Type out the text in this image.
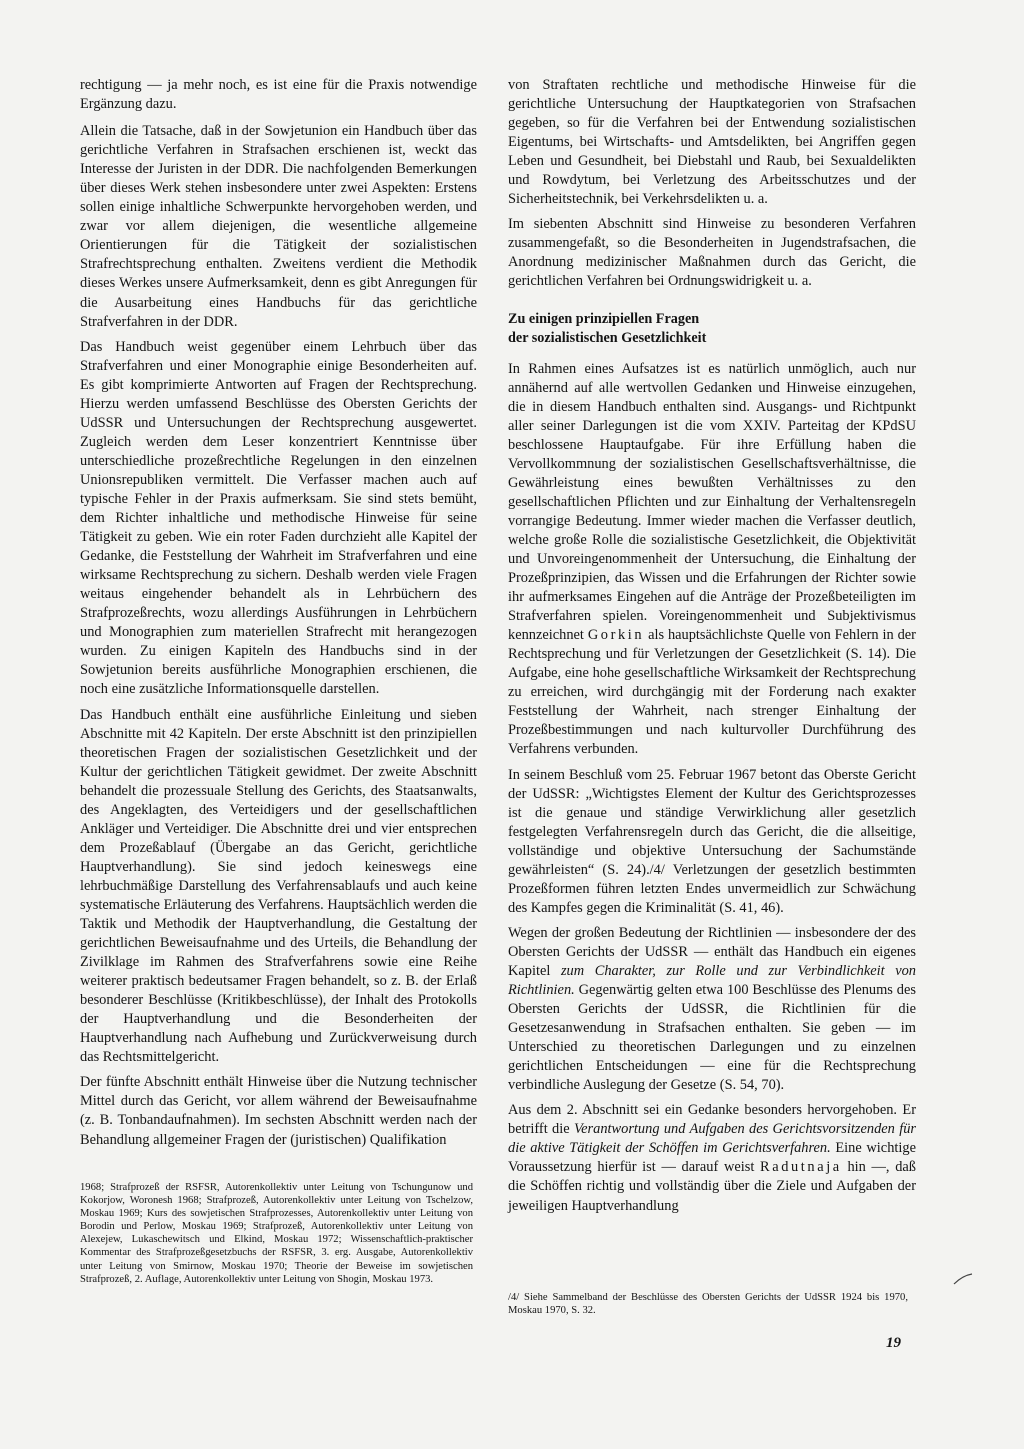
rechtigung — ja mehr noch, es ist eine für die Praxis notwendige Ergänzung dazu.

Allein die Tatsache, daß in der Sowjetunion ein Handbuch über das gerichtliche Verfahren in Strafsachen erschienen ist, weckt das Interesse der Juristen in der DDR. Die nachfolgenden Bemerkungen über dieses Werk stehen insbesondere unter zwei Aspekten: Erstens sollen einige inhaltliche Schwerpunkte hervorgehoben werden, und zwar vor allem diejenigen, die wesentliche allgemeine Orientierungen für die Tätigkeit der sozialistischen Strafrechtsprechung enthalten. Zweitens verdient die Methodik dieses Werkes unsere Aufmerksamkeit, denn es gibt Anregungen für die Ausarbeitung eines Handbuchs für das gerichtliche Strafverfahren in der DDR.

Das Handbuch weist gegenüber einem Lehrbuch über das Strafverfahren und einer Monographie einige Besonderheiten auf. Es gibt komprimierte Antworten auf Fragen der Rechtsprechung. Hierzu werden umfassend Beschlüsse des Obersten Gerichts der UdSSR und Untersuchungen der Rechtsprechung ausgewertet. Zugleich werden dem Leser konzentriert Kenntnisse über unterschiedliche prozeßrechtliche Regelungen in den einzelnen Unionsrepubliken vermittelt. Die Verfasser machen auch auf typische Fehler in der Praxis aufmerksam. Sie sind stets bemüht, dem Richter inhaltliche und methodische Hinweise für seine Tätigkeit zu geben. Wie ein roter Faden durchzieht alle Kapitel der Gedanke, die Feststellung der Wahrheit im Strafverfahren und eine wirksame Rechtsprechung zu sichern. Deshalb werden viele Fragen weitaus eingehender behandelt als in Lehrbüchern des Strafprozeßrechts, wozu allerdings Ausführungen in Lehrbüchern und Monographien zum materiellen Strafrecht mit herangezogen wurden. Zu einigen Kapiteln des Handbuchs sind in der Sowjetunion bereits ausführliche Monographien erschienen, die noch eine zusätzliche Informationsquelle darstellen.

Das Handbuch enthält eine ausführliche Einleitung und sieben Abschnitte mit 42 Kapiteln. Der erste Abschnitt ist den prinzipiellen theoretischen Fragen der sozialistischen Gesetzlichkeit und der Kultur der gerichtlichen Tätigkeit gewidmet. Der zweite Abschnitt behandelt die prozessuale Stellung des Gerichts, des Staatsanwalts, des Angeklagten, des Verteidigers und der gesellschaftlichen Ankläger und Verteidiger. Die Abschnitte drei und vier entsprechen dem Prozeßablauf (Übergabe an das Gericht, gerichtliche Hauptverhandlung). Sie sind jedoch keineswegs eine lehrbuchmäßige Darstellung des Verfahrensablaufs und auch keine systematische Erläuterung des Verfahrens. Hauptsächlich werden die Taktik und Methodik der Hauptverhandlung, die Gestaltung der gerichtlichen Beweisaufnahme und des Urteils, die Behandlung der Zivilklage im Rahmen des Strafverfahrens sowie eine Reihe weiterer praktisch bedeutsamer Fragen behandelt, so z. B. der Erlaß besonderer Beschlüsse (Kritikbeschlüsse), der Inhalt des Protokolls der Hauptverhandlung und die Besonderheiten der Hauptverhandlung nach Aufhebung und Zurückverweisung durch das Rechtsmittelgericht.

Der fünfte Abschnitt enthält Hinweise über die Nutzung technischer Mittel durch das Gericht, vor allem während der Beweisaufnahme (z. B. Tonbandaufnahmen). Im sechsten Abschnitt werden nach der Behandlung allgemeiner Fragen der (juristischen) Qualifikation

1968; Strafprozeß der RSFSR, Autorenkollektiv unter Leitung von Tschungunow und Kokorjow, Woronesh 1968; Strafprozeß, Autorenkollektiv unter Leitung von Tschelzow, Moskau 1969; Kurs des sowjetischen Strafprozesses, Autorenkollektiv unter Leitung von Borodin und Perlow, Moskau 1969; Strafprozeß, Autorenkollektiv unter Leitung von Alexejew, Lukaschewitsch und Elkind, Moskau 1972; Wissenschaftlich-praktischer Kommentar des Strafprozeßgesetzbuchs der RSFSR, 3. erg. Ausgabe, Autorenkollektiv unter Leitung von Smirnow, Moskau 1970; Theorie der Beweise im sowjetischen Strafprozeß, 2. Auflage, Autorenkollektiv unter Leitung von Shogin, Moskau 1973.

von Straftaten rechtliche und methodische Hinweise für die gerichtliche Untersuchung der Hauptkategorien von Strafsachen gegeben, so für die Verfahren bei der Entwendung sozialistischen Eigentums, bei Wirtschafts- und Amtsdelikten, bei Angriffen gegen Leben und Gesundheit, bei Diebstahl und Raub, bei Sexualdelikten und Rowdytum, bei Verletzung des Arbeitsschutzes und der Sicherheitstechnik, bei Verkehrsdelikten u. a.

Im siebenten Abschnitt sind Hinweise zu besonderen Verfahren zusammengefaßt, so die Besonderheiten in Jugendstrafsachen, die Anordnung medizinischer Maßnahmen durch das Gericht, die gerichtlichen Verfahren bei Ordnungswidrigkeit u. a.

Zu einigen prinzipiellen Fragen
der sozialistischen Gesetzlichkeit

In Rahmen eines Aufsatzes ist es natürlich unmöglich, auch nur annähernd auf alle wertvollen Gedanken und Hinweise einzugehen, die in diesem Handbuch enthalten sind. Ausgangs- und Richtpunkt aller seiner Darlegungen ist die vom XXIV. Parteitag der KPdSU beschlossene Hauptaufgabe. Für ihre Erfüllung haben die Vervollkommnung der sozialistischen Gesellschaftsverhältnisse, die Gewährleistung eines bewußten Verhältnisses zu den gesellschaftlichen Pflichten und zur Einhaltung der Verhaltensregeln vorrangige Bedeutung. Immer wieder machen die Verfasser deutlich, welche große Rolle die sozialistische Gesetzlichkeit, die Objektivität und Unvoreingenommenheit der Untersuchung, die Einhaltung der Prozeßprinzipien, das Wissen und die Erfahrungen der Richter sowie ihr aufmerksames Eingehen auf die Anträge der Prozeßbeteiligten im Strafverfahren spielen. Voreingenommenheit und Subjektivismus kennzeichnet Gorkin als hauptsächlichste Quelle von Fehlern in der Rechtsprechung und für Verletzungen der Gesetzlichkeit (S. 14). Die Aufgabe, eine hohe gesellschaftliche Wirksamkeit der Rechtsprechung zu erreichen, wird durchgängig mit der Forderung nach exakter Feststellung der Wahrheit, nach strenger Einhaltung der Prozeßbestimmungen und nach kulturvoller Durchführung des Verfahrens verbunden.

In seinem Beschluß vom 25. Februar 1967 betont das Oberste Gericht der UdSSR: „Wichtigstes Element der Kultur des Gerichtsprozesses ist die genaue und ständige Verwirklichung aller gesetzlich festgelegten Verfahrensregeln durch das Gericht, die die allseitige, vollständige und objektive Untersuchung der Sachumstände gewährleisten“ (S. 24)./4/ Verletzungen der gesetzlich bestimmten Prozeßformen führen letzten Endes unvermeidlich zur Schwächung des Kampfes gegen die Kriminalität (S. 41, 46).

Wegen der großen Bedeutung der Richtlinien — insbesondere der des Obersten Gerichts der UdSSR — enthält das Handbuch ein eigenes Kapitel zum Charakter, zur Rolle und zur Verbindlichkeit von Richtlinien. Gegenwärtig gelten etwa 100 Beschlüsse des Plenums des Obersten Gerichts der UdSSR, die Richtlinien für die Gesetzesanwendung in Strafsachen enthalten. Sie geben — im Unterschied zu theoretischen Darlegungen und zu einzelnen gerichtlichen Entscheidungen — eine für die Rechtsprechung verbindliche Auslegung der Gesetze (S. 54, 70).

Aus dem 2. Abschnitt sei ein Gedanke besonders hervorgehoben. Er betrifft die Verantwortung und Aufgaben des Gerichtsvorsitzenden für die aktive Tätigkeit der Schöffen im Gerichtsverfahren. Eine wichtige Voraussetzung hierfür ist — darauf weist Radutnaja hin —, daß die Schöffen richtig und vollständig über die Ziele und Aufgaben der jeweiligen Hauptverhandlung

/4/ Siehe Sammelband der Beschlüsse des Obersten Gerichts der UdSSR 1924 bis 1970, Moskau 1970, S. 32.
19
